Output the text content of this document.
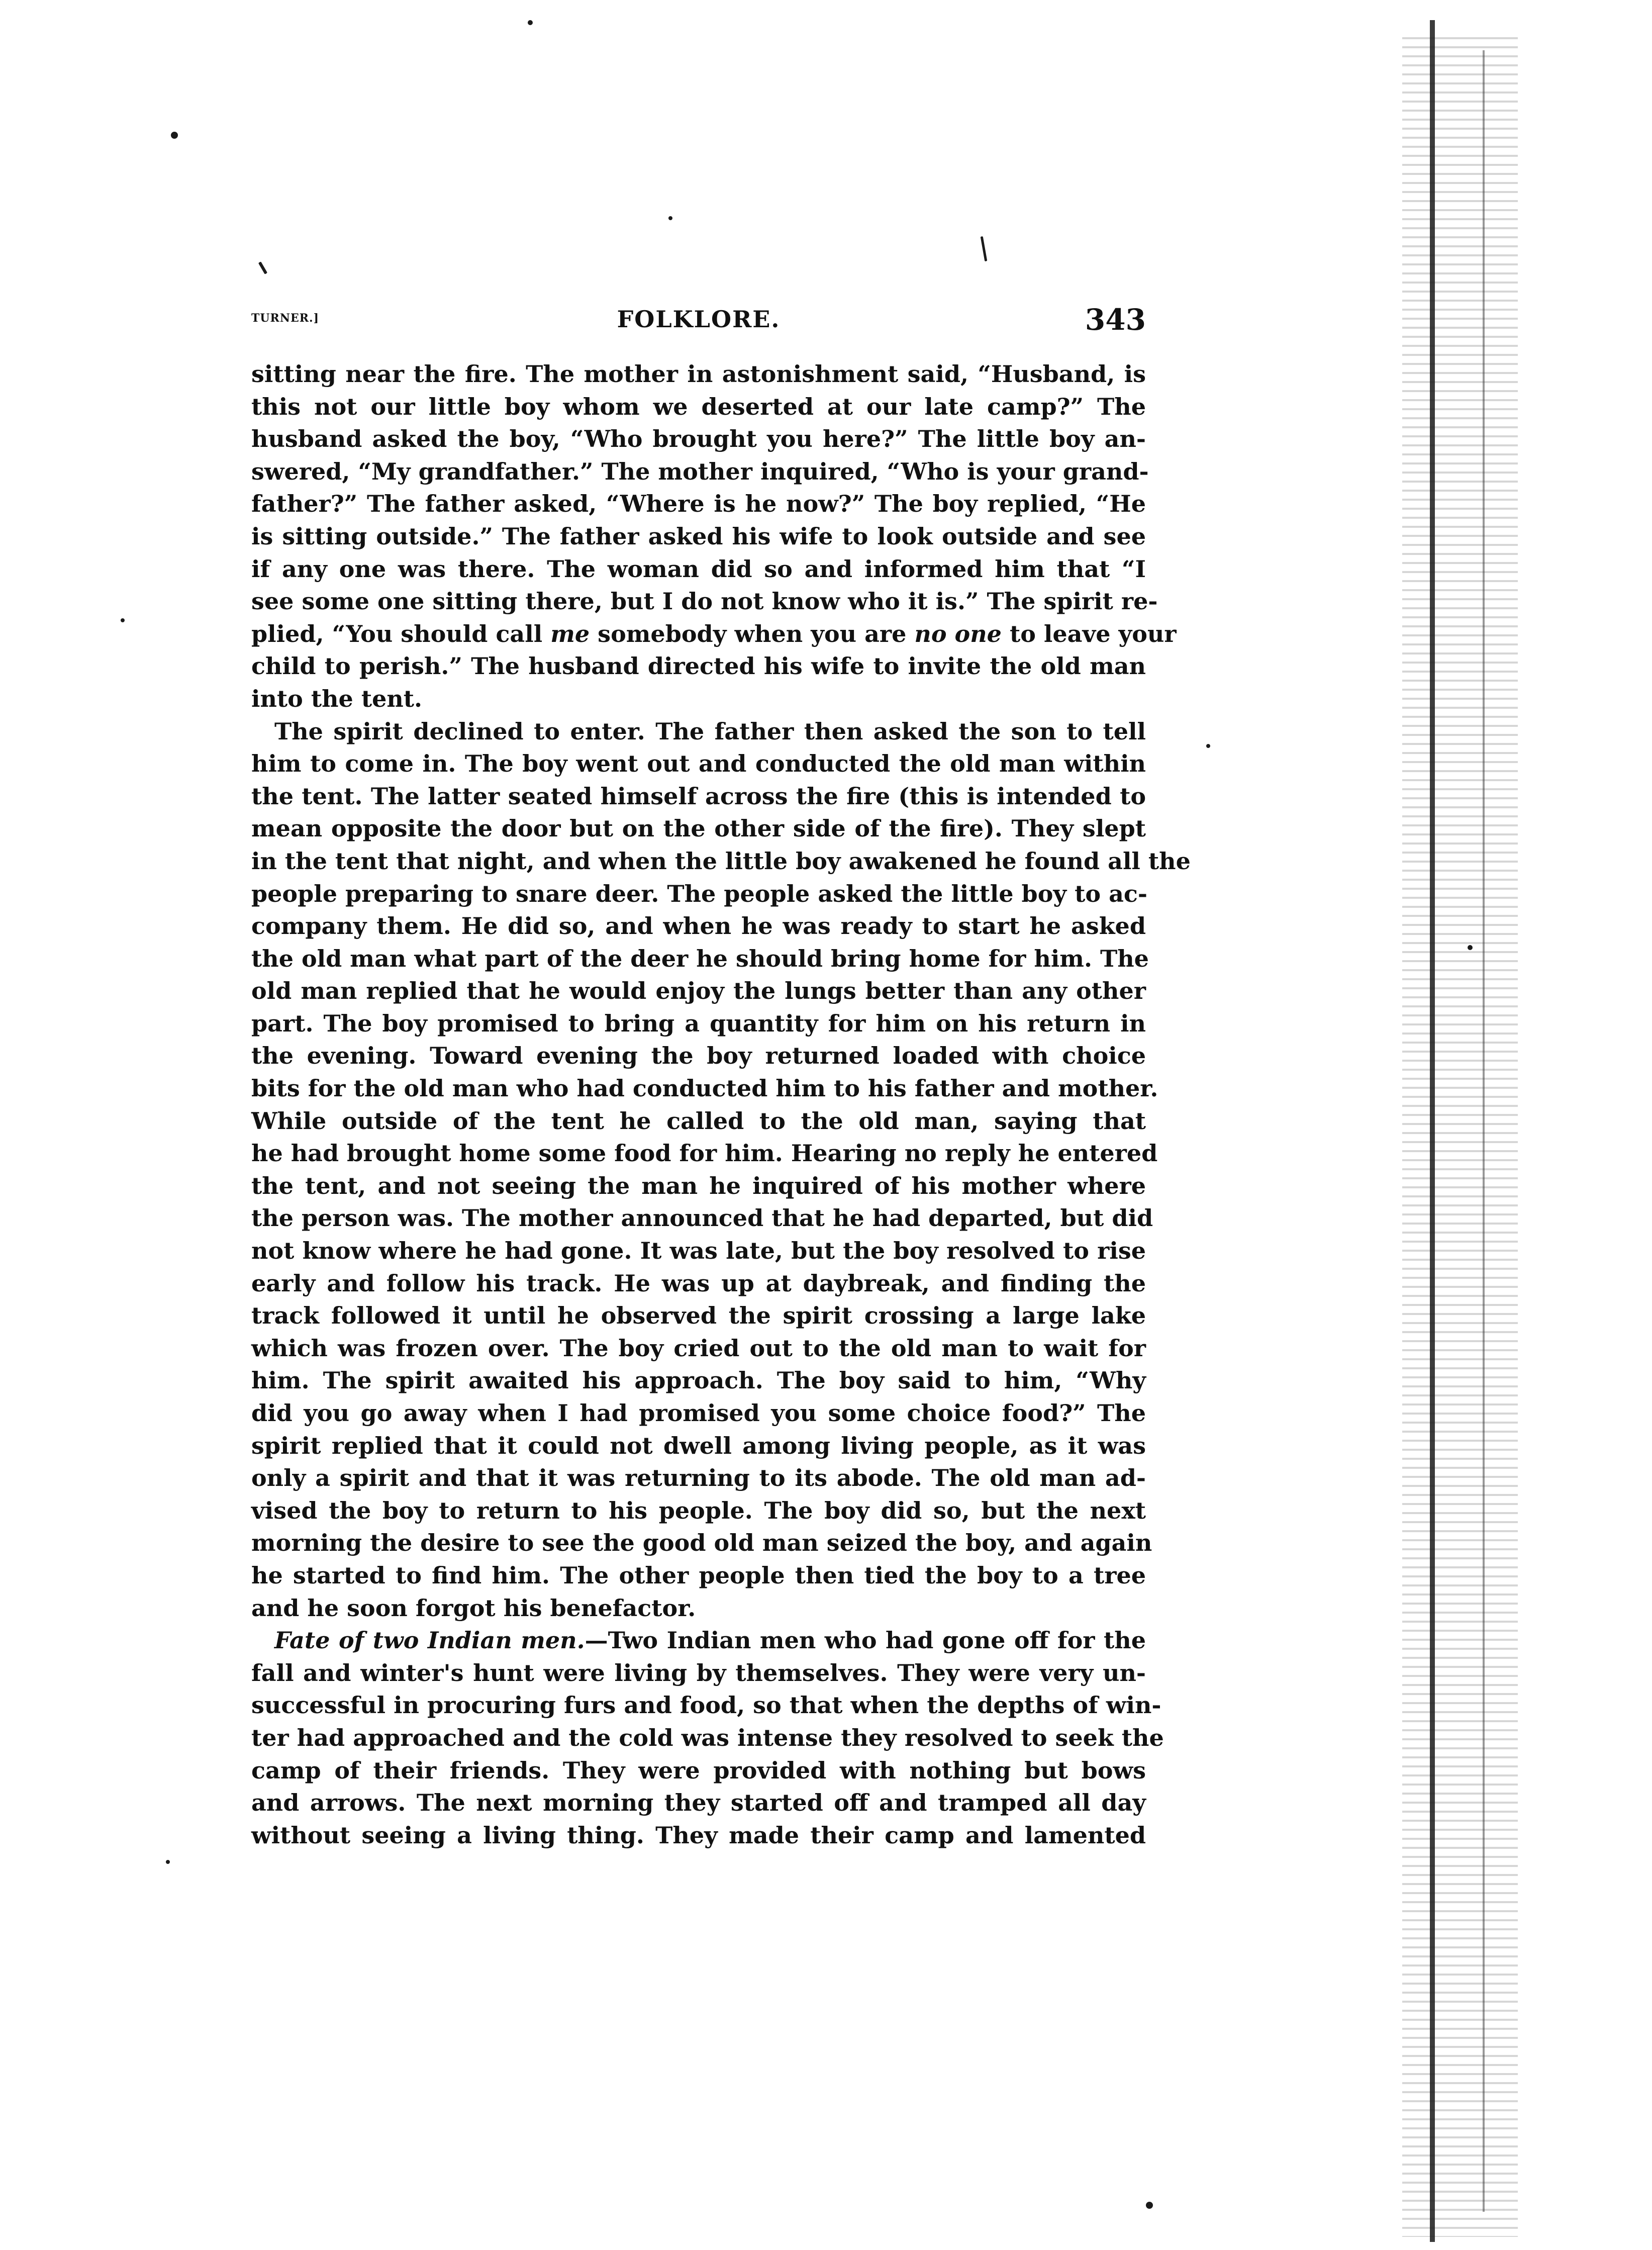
TURNER.]	FOLKLORE.	343

sitting near the fire. The mother in astonishment said, “Husband, is
this not our little boy whom we deserted at our late camp?” The
husband asked the boy, “Who brought you here?” The little boy an-
swered, “My grandfather.” The mother inquired, “Who is your grand-
father?” The father asked, “Where is he now?” The boy replied, “He
is sitting outside.” The father asked his wife to look outside and see
if any one was there. The woman did so and informed him that “I
see some one sitting there, but I do not know who it is.” The spirit re-
plied, “You should call me somebody when you are no one to leave your
child to perish.” The husband directed his wife to invite the old man
into the tent.

The spirit declined to enter. The father then asked the son to tell
him to come in. The boy went out and conducted the old man within
the tent. The latter seated himself across the fire (this is intended to
mean opposite the door but on the other side of the fire). They slept
in the tent that night, and when the little boy awakened he found all the
people preparing to snare deer. The people asked the little boy to ac-
company them. He did so, and when he was ready to start he asked
the old man what part of the deer he should bring home for him. The
old man replied that he would enjoy the lungs better than any other
part. The boy promised to bring a quantity for him on his return in
the evening. Toward evening the boy returned loaded with choice
bits for the old man who had conducted him to his father and mother.
While outside of the tent he called to the old man, saying that
he had brought home some food for him. Hearing no reply he entered
the tent, and not seeing the man he inquired of his mother where
the person was. The mother announced that he had departed, but did
not know where he had gone. It was late, but the boy resolved to rise
early and follow his track. He was up at daybreak, and finding the
track followed it until he observed the spirit crossing a large lake
which was frozen over. The boy cried out to the old man to wait for
him. The spirit awaited his approach. The boy said to him, “Why
did you go away when I had promised you some choice food?” The
spirit replied that it could not dwell among living people, as it was
only a spirit and that it was returning to its abode. The old man ad-
vised the boy to return to his people. The boy did so, but the next
morning the desire to see the good old man seized the boy, and again
he started to find him. The other people then tied the boy to a tree
and he soon forgot his benefactor.

Fate of two Indian men.—Two Indian men who had gone off for the
fall and winter's hunt were living by themselves. They were very un-
successful in procuring furs and food, so that when the depths of win-
ter had approached and the cold was intense they resolved to seek the
camp of their friends. They were provided with nothing but bows
and arrows. The next morning they started off and tramped all day
without seeing a living thing. They made their camp and lamented
